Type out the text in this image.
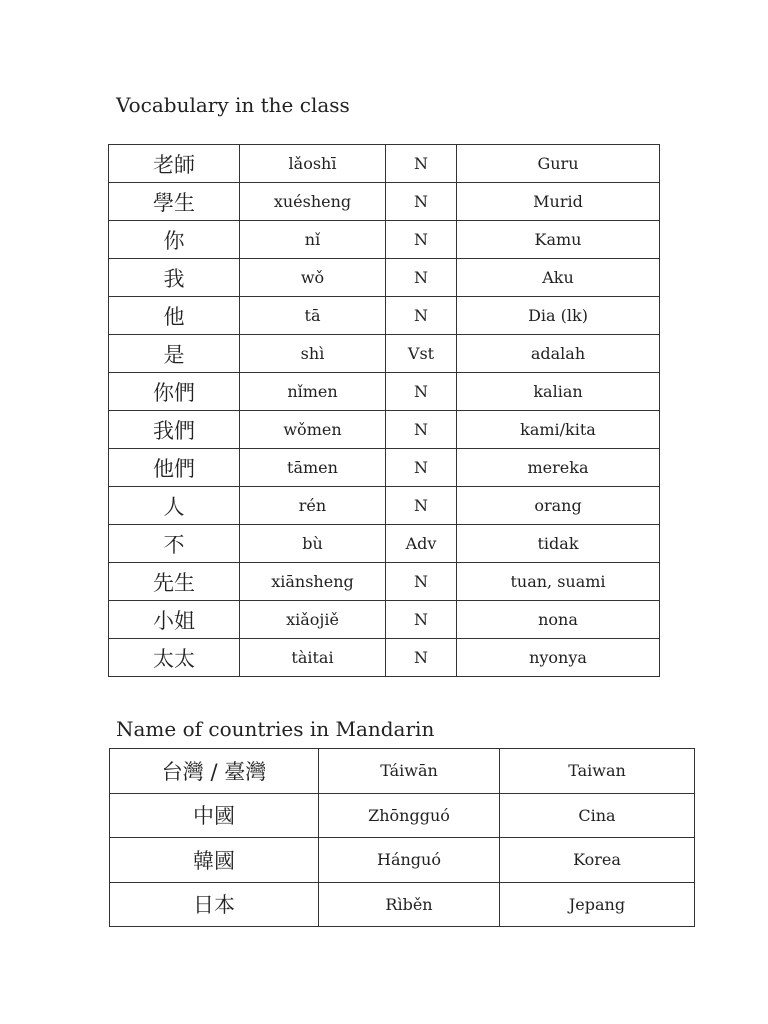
Vocabulary in the class
老師	lǎoshī	N	Guru
學生	xuésheng	N	Murid
你	nǐ	N	Kamu
我	wǒ	N	Aku
他	tā	N	Dia (lk)
是	shì	Vst	adalah
你們	nǐmen	N	kalian
我們	wǒmen	N	kami/kita
他們	tāmen	N	mereka
人	rén	N	orang
不	bù	Adv	tidak
先生	xiānsheng	N	tuan, suami
小姐	xiǎojiě	N	nona
太太	tàitai	N	nyonya
Name of countries in Mandarin
台灣 / 臺灣	Táiwān	Taiwan
中國	Zhōngguó	Cina
韓國	Hánguó	Korea
日本	Rìběn	Jepang
